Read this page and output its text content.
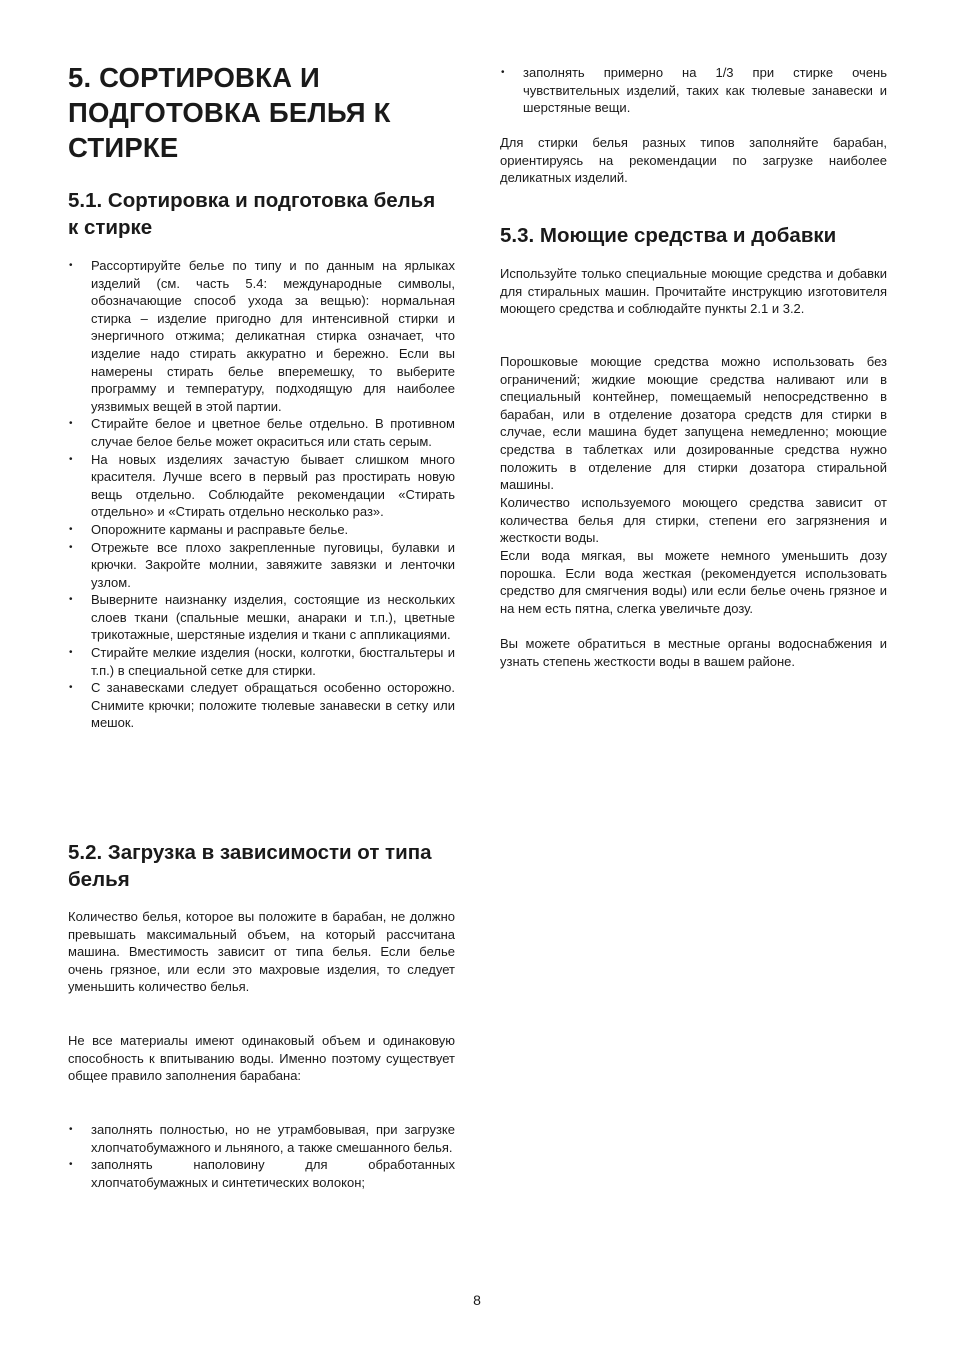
5. СОРТИРОВКА И ПОДГОТОВКА БЕЛЬЯ К СТИРКЕ
5.1. Сортировка и подготовка белья к стирке
• Рассортируйте белье по типу и по данным на ярлыках изделий (см. часть 5.4: международные символы, обозначающие способ ухода за вещью): нормальная стирка – изделие пригодно для интенсивной стирки и энергичного отжима; деликатная стирка означает, что изделие надо стирать аккуратно и бережно. Если вы намерены стирать белье вперемешку, то выберите программу и температуру, подходящую для наиболее уязвимых вещей в этой партии.
• Стирайте белое и цветное белье отдельно. В противном случае белое белье может окраситься или стать серым.
• На новых изделиях зачастую бывает слишком много красителя. Лучше всего в первый раз простирать новую вещь отдельно. Соблюдайте рекомендации «Стирать отдельно» и «Стирать отдельно несколько раз».
• Опорожните карманы и расправьте белье.
• Отрежьте все плохо закрепленные пуговицы, булавки и крючки. Закройте молнии, завяжите завязки и ленточки узлом.
• Выверните наизнанку изделия, состоящие из нескольких слоев ткани (спальные мешки, анараки и т.п.), цветные трикотажные, шерстяные изделия и ткани с аппликациями.
• Стирайте мелкие изделия (носки, колготки, бюстгальтеры и т.п.) в специальной сетке для стирки.
• С занавесками следует обращаться особенно осторожно. Снимите крючки; положите тюлевые занавески в сетку или мешок.
5.2. Загрузка в зависимости от типа белья

Количество белья, которое вы положите в барабан, не должно превышать максимальный объем, на который рассчитана машина. Вместимость зависит от типа белья. Если белье очень грязное, или если это махровые изделия, то следует уменьшить количество белья.

Не все материалы имеют одинаковый объем и одинаковую способность к впитыванию воды. Именно поэтому существует общее правило заполнения барабана:

• заполнять полностью, но не утрамбовывая, при загрузке хлопчатобумажного и льняного, а также смешанного белья.
• заполнять наполовину для обработанных хлопчатобумажных и синтетических волокон;
• заполнять примерно на 1/3 при стирке очень чувствительных изделий, таких как тюлевые занавески и шерстяные вещи.

Для стирки белья разных типов заполняйте барабан, ориентируясь на рекомендации по загрузке наиболее деликатных изделий.

5.3. Моющие средства и добавки

Используйте только специальные моющие средства и добавки для стиральных машин. Прочитайте инструкцию изготовителя моющего средства и соблюдайте пункты 2.1 и 3.2.

Порошковые моющие средства можно использовать без ограничений; жидкие моющие средства наливают или в специальный контейнер, помещаемый непосредственно в барабан, или в отделение дозатора средств для стирки в случае, если машина будет запущена немедленно; моющие средства в таблетках или дозированные средства нужно положить в отделение для стирки дозатора стиральной машины.

Количество используемого моющего средства зависит от количества белья для стирки, степени его загрязнения и жесткости воды.

Если вода мягкая, вы можете немного уменьшить дозу порошка. Если вода жесткая (рекомендуется использовать средство для смягчения воды) или если белье очень грязное и на нем есть пятна, слегка увеличьте дозу.

Вы можете обратиться в местные органы водоснабжения и узнать степень жесткости воды в вашем районе.

8
